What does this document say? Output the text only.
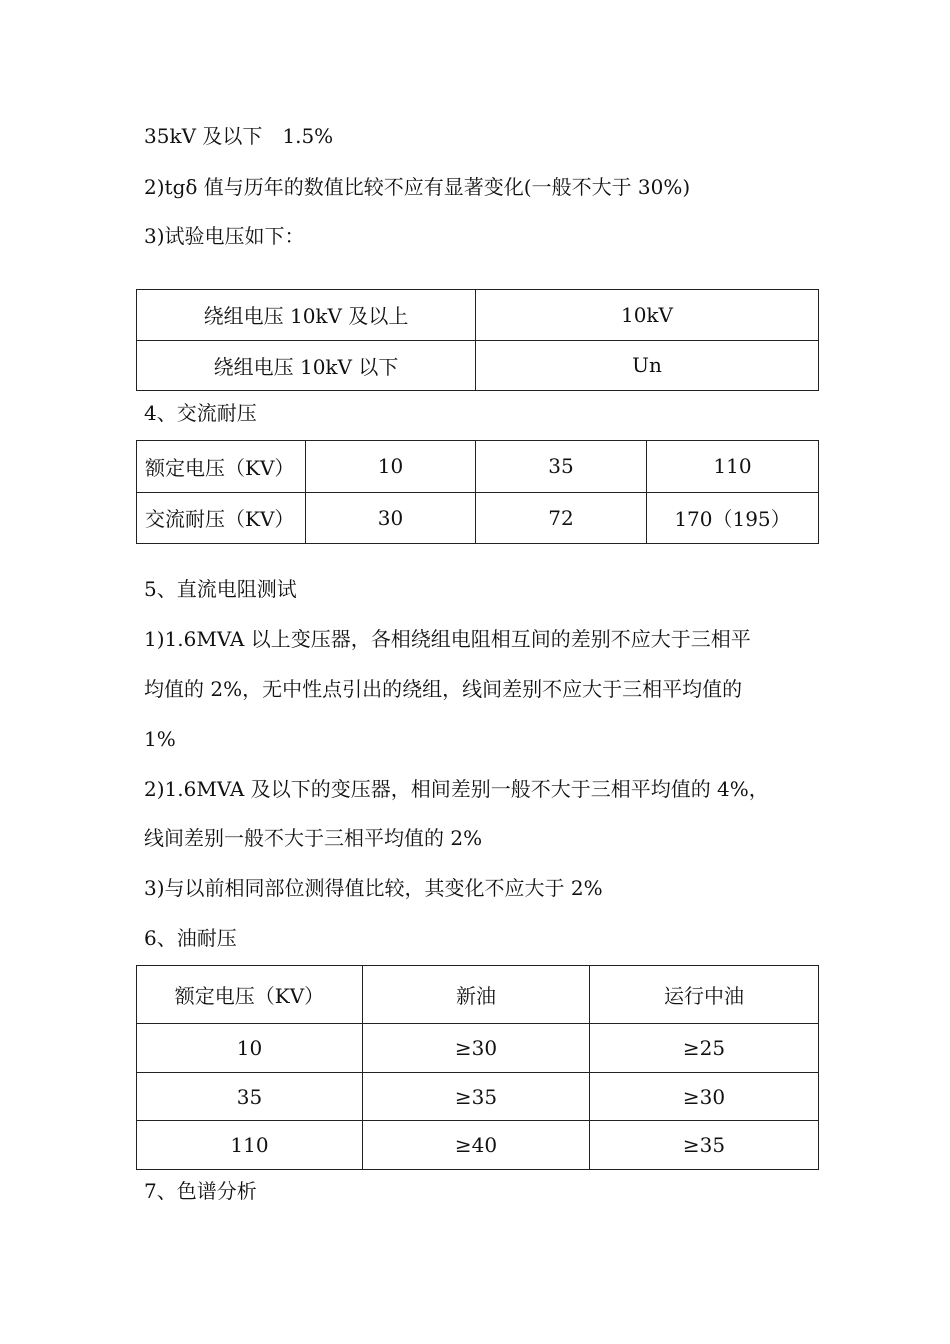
35kV 及以下　1.5%
2)tgδ 值与历年的数值比较不应有显著变化(一般不大于 30%)
3)试验电压如下：
绕组电压 10kV 及以上	10kV
绕组电压 10kV 以下	Un
4、交流耐压
额定电压（KV）	10	35	110
交流耐压（KV）	30	72	170（195）
5、直流电阻测试
1)1.6MVA 以上变压器，各相绕组电阻相互间的差别不应大于三相平
均值的 2%，无中性点引出的绕组，线间差别不应大于三相平均值的
1%
2)1.6MVA 及以下的变压器，相间差别一般不大于三相平均值的 4%，
线间差别一般不大于三相平均值的 2%
3)与以前相同部位测得值比较，其变化不应大于 2%
6、油耐压
额定电压（KV）	新油	运行中油
10	≥30	≥25
35	≥35	≥30
110	≥40	≥35
7、色谱分析
